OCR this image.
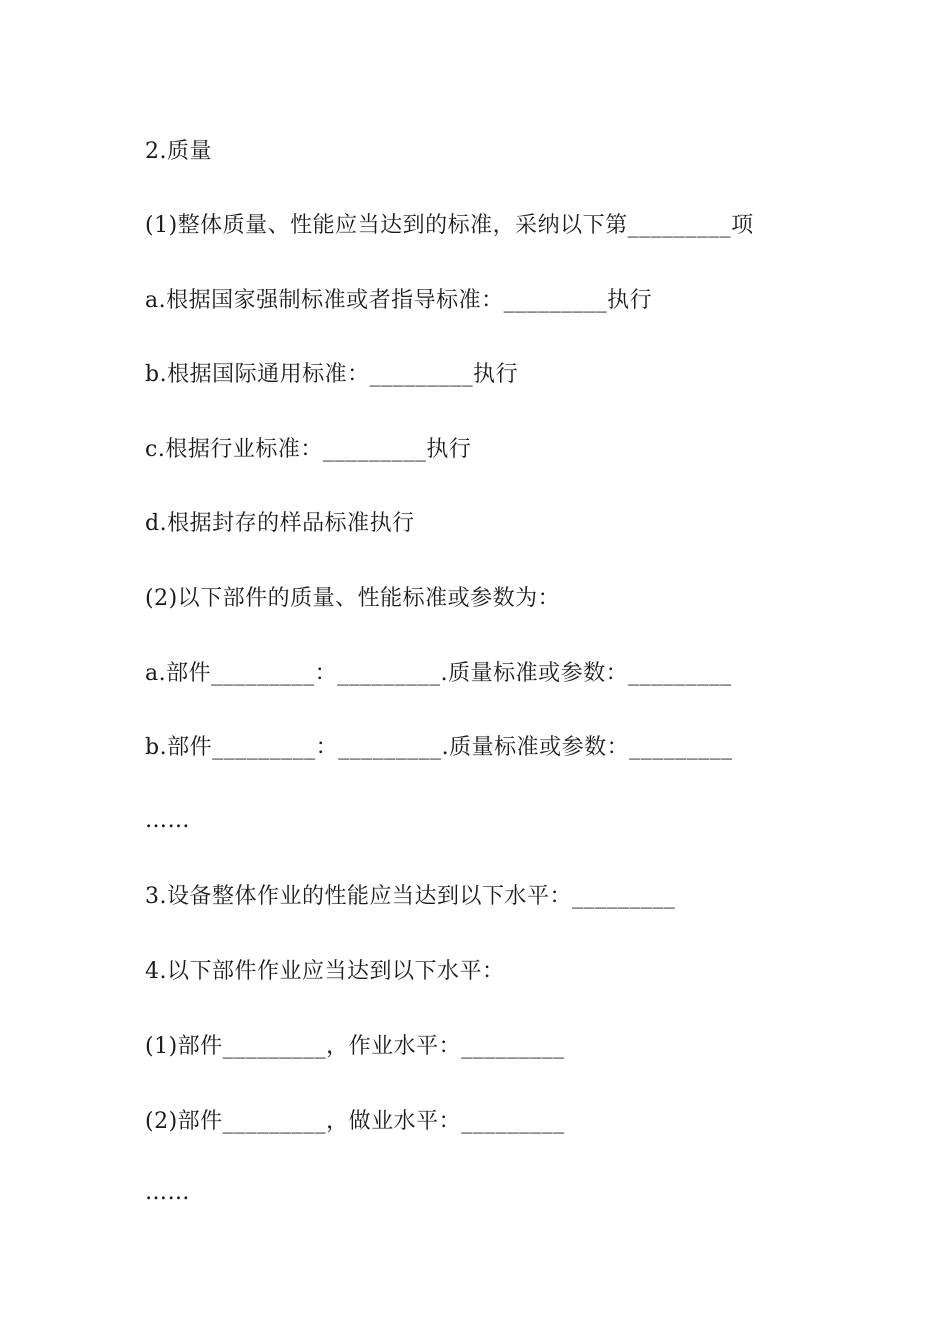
2.质量
(1)整体质量、性能应当达到的标准，采纳以下第_________项
a.根据国家强制标准或者指导标准：_________执行
b.根据国际通用标准：_________执行
c.根据行业标准：_________执行
d.根据封存的样品标准执行
(2)以下部件的质量、性能标准或参数为：
a.部件_________：_________.质量标准或参数：_________
b.部件_________：_________.质量标准或参数：_________
……
3.设备整体作业的性能应当达到以下水平：_________
4.以下部件作业应当达到以下水平：
(1)部件_________，作业水平：_________
(2)部件_________，做业水平：_________
……
